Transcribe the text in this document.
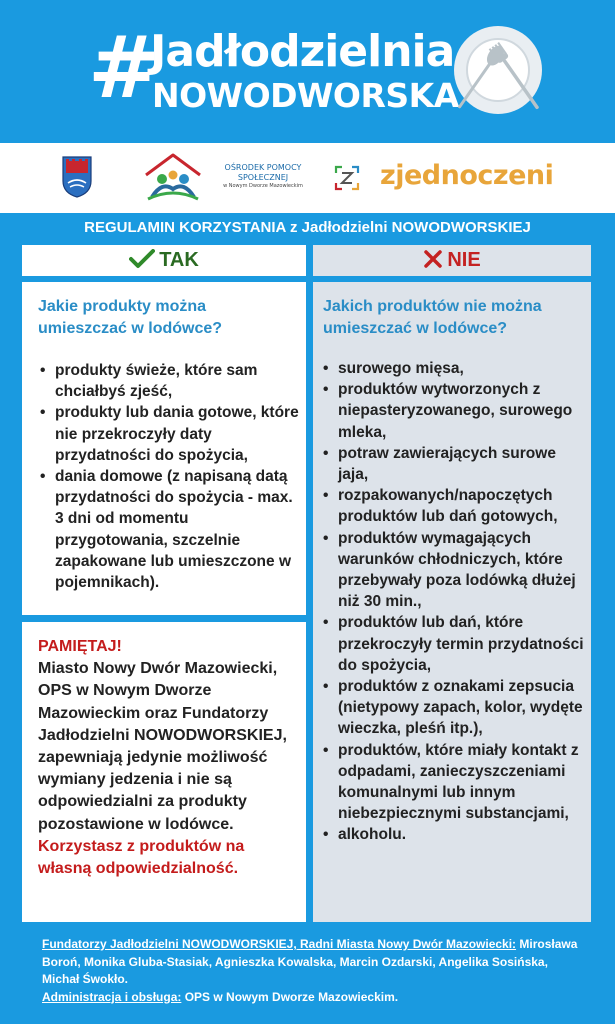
#
Jadłodzielnia
NOWODWORSKA
OŚRODEK POMOCY
SPOŁECZNEJ
w Nowym Dworze Mazowieckim	zjednoczeni
REGULAMIN KORZYSTANIA z Jadłodzielni NOWODWORSKIEJ
TAK	NIE
Jakie produkty można umieszczać w lodówce?
• produkty świeże, które sam chciałbyś zjeść,
• produkty lub dania gotowe, które nie przekroczyły daty przydatności do spożycia,
• dania domowe (z napisaną datą przydatności do spożycia - max. 3 dni od momentu przygotowania, szczelnie zapakowane lub umieszczone w pojemnikach).
PAMIĘTAJ!
Miasto Nowy Dwór Mazowiecki, OPS w Nowym Dworze Mazowieckim oraz Fundatorzy Jadłodzielni NOWODWORSKIEJ, zapewniają jedynie możliwość wymiany jedzenia i nie są odpowiedzialni za produkty pozostawione w lodówce. Korzystasz z produktów na własną odpowiedzialność.
Jakich produktów nie można umieszczać w lodówce?
• surowego mięsa,
• produktów wytworzonych z niepasteryzowanego, surowego mleka,
• potraw zawierających surowe jaja,
• rozpakowanych/napoczętych produktów lub dań gotowych,
• produktów wymagających warunków chłodniczych, które przebywały poza lodówką dłużej niż 30 min.,
• produktów lub dań, które przekroczyły termin przydatności do spożycia,
• produktów z oznakami zepsucia (nietypowy zapach, kolor, wydęte wieczka, pleśń itp.),
• produktów, które miały kontakt z odpadami, zanieczyszczeniami komunalnymi lub innym niebezpiecznymi substancjami,
• alkoholu.
Fundatorzy Jadłodzielni NOWODWORSKIEJ, Radni Miasta Nowy Dwór Mazowiecki: Mirosława Boroń, Monika Gluba-Stasiak, Agnieszka Kowalska, Marcin Ozdarski, Angelika Sosińska, Michał Śwokło.
Administracja i obsługa: OPS w Nowym Dworze Mazowieckim.
